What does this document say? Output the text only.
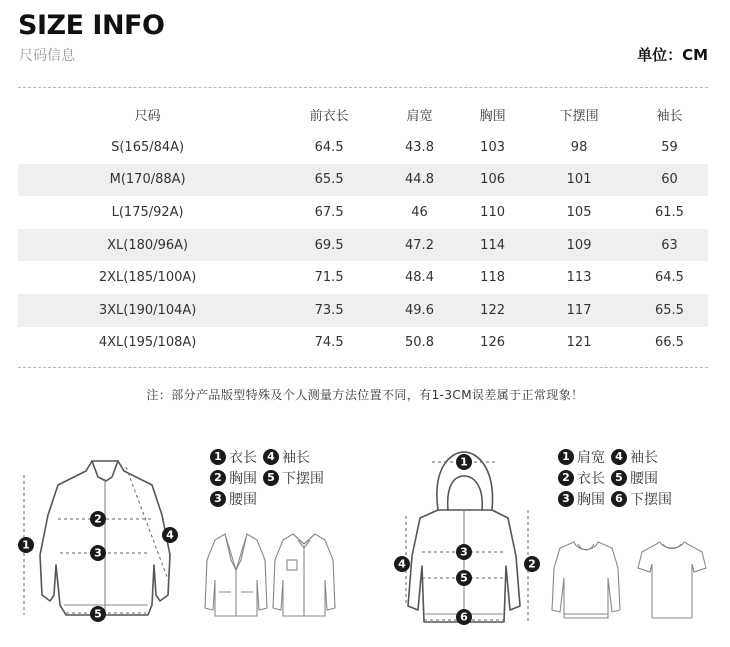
SIZE INFO
尺码信息	单位：CM
尺码	前衣长	肩宽	胸围	下摆围	袖长
S(165/84A)	64.5	43.8	103	98	59
M(170/88A)	65.5	44.8	106	101	60
L(175/92A)	67.5	46	110	105	61.5
XL(180/96A)	69.5	47.2	114	109	63
2XL(185/100A)	71.5	48.4	118	113	64.5
3XL(190/104A)	73.5	49.6	122	117	65.5
4XL(195/108A)	74.5	50.8	126	121	66.5
注：部分产品版型特殊及个人测量方法位置不同，有1-3CM误差属于正常现象！
1
2
3
4
5
1 衣长 4 袖长
2 胸围 5 下摆围
3 腰围
1
2
3
4
5
6
1 肩宽 4 袖长
2 衣长 5 腰围
3 胸围 6 下摆围
